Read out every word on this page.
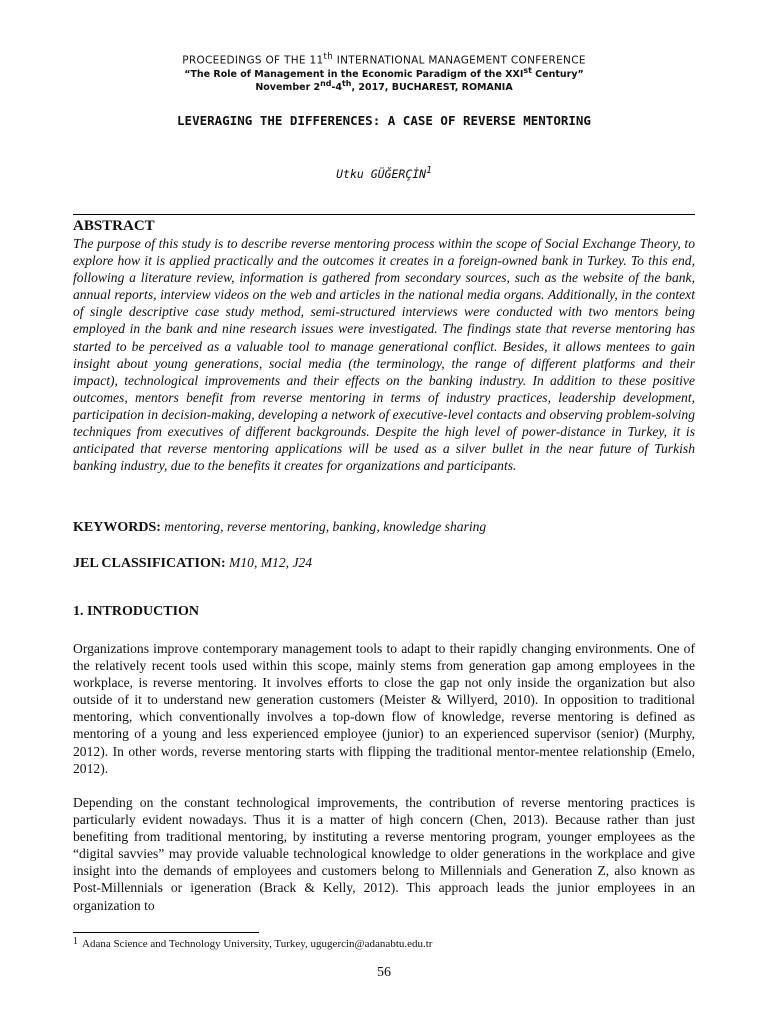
PROCEEDINGS OF THE 11th INTERNATIONAL MANAGEMENT CONFERENCE

“The Role of Management in the Economic Paradigm of the XXIst Century”

November 2nd-4th, 2017, BUCHAREST, ROMANIA

LEVERAGING THE DIFFERENCES: A CASE OF REVERSE MENTORING

Utku GÜĞERÇİN$^1$

ABSTRACT

The purpose of this study is to describe reverse mentoring process within the scope of Social Exchange Theory, to explore how it is applied practically and the outcomes it creates in a foreign-owned bank in Turkey. To this end, following a literature review, information is gathered from secondary sources, such as the website of the bank, annual reports, interview videos on the web and articles in the national media organs. Additionally, in the context of single descriptive case study method, semi-structured interviews were conducted with two mentors being employed in the bank and nine research issues were investigated. The findings state that reverse mentoring has started to be perceived as a valuable tool to manage generational conflict. Besides, it allows mentees to gain insight about young generations, social media (the terminology, the range of different platforms and their impact), technological improvements and their effects on the banking industry. In addition to these positive outcomes, mentors benefit from reverse mentoring in terms of industry practices, leadership development, participation in decision-making, developing a network of executive-level contacts and observing problem-solving techniques from executives of different backgrounds. Despite the high level of power-distance in Turkey, it is anticipated that reverse mentoring applications will be used as a silver bullet in the near future of Turkish banking industry, due to the benefits it creates for organizations and participants.

KEYWORDS: mentoring, reverse mentoring, banking, knowledge sharing

JEL CLASSIFICATION: M10, M12, J24

1. INTRODUCTION

Organizations improve contemporary management tools to adapt to their rapidly changing environments. One of the relatively recent tools used within this scope, mainly stems from generation gap among employees in the workplace, is reverse mentoring. It involves efforts to close the gap not only inside the organization but also outside of it to understand new generation customers (Meister & Willyerd, 2010). In opposition to traditional mentoring, which conventionally involves a top-down flow of knowledge, reverse mentoring is defined as mentoring of a young and less experienced employee (junior) to an experienced supervisor (senior) (Murphy, 2012). In other words, reverse mentoring starts with flipping the traditional mentor-mentee relationship (Emelo, 2012).

Depending on the constant technological improvements, the contribution of reverse mentoring practices is particularly evident nowadays. Thus it is a matter of high concern (Chen, 2013). Because rather than just benefiting from traditional mentoring, by instituting a reverse mentoring program, younger employees as the “digital savvies” may provide valuable technological knowledge to older generations in the workplace and give insight into the demands of employees and customers belong to Millennials and Generation Z, also known as Post-Millennials or igeneration (Brack & Kelly, 2012). This approach leads the junior employees in an organization to

$^1$ Adana Science and Technology University, Turkey, ugugercin@adanabtu.edu.tr

56
